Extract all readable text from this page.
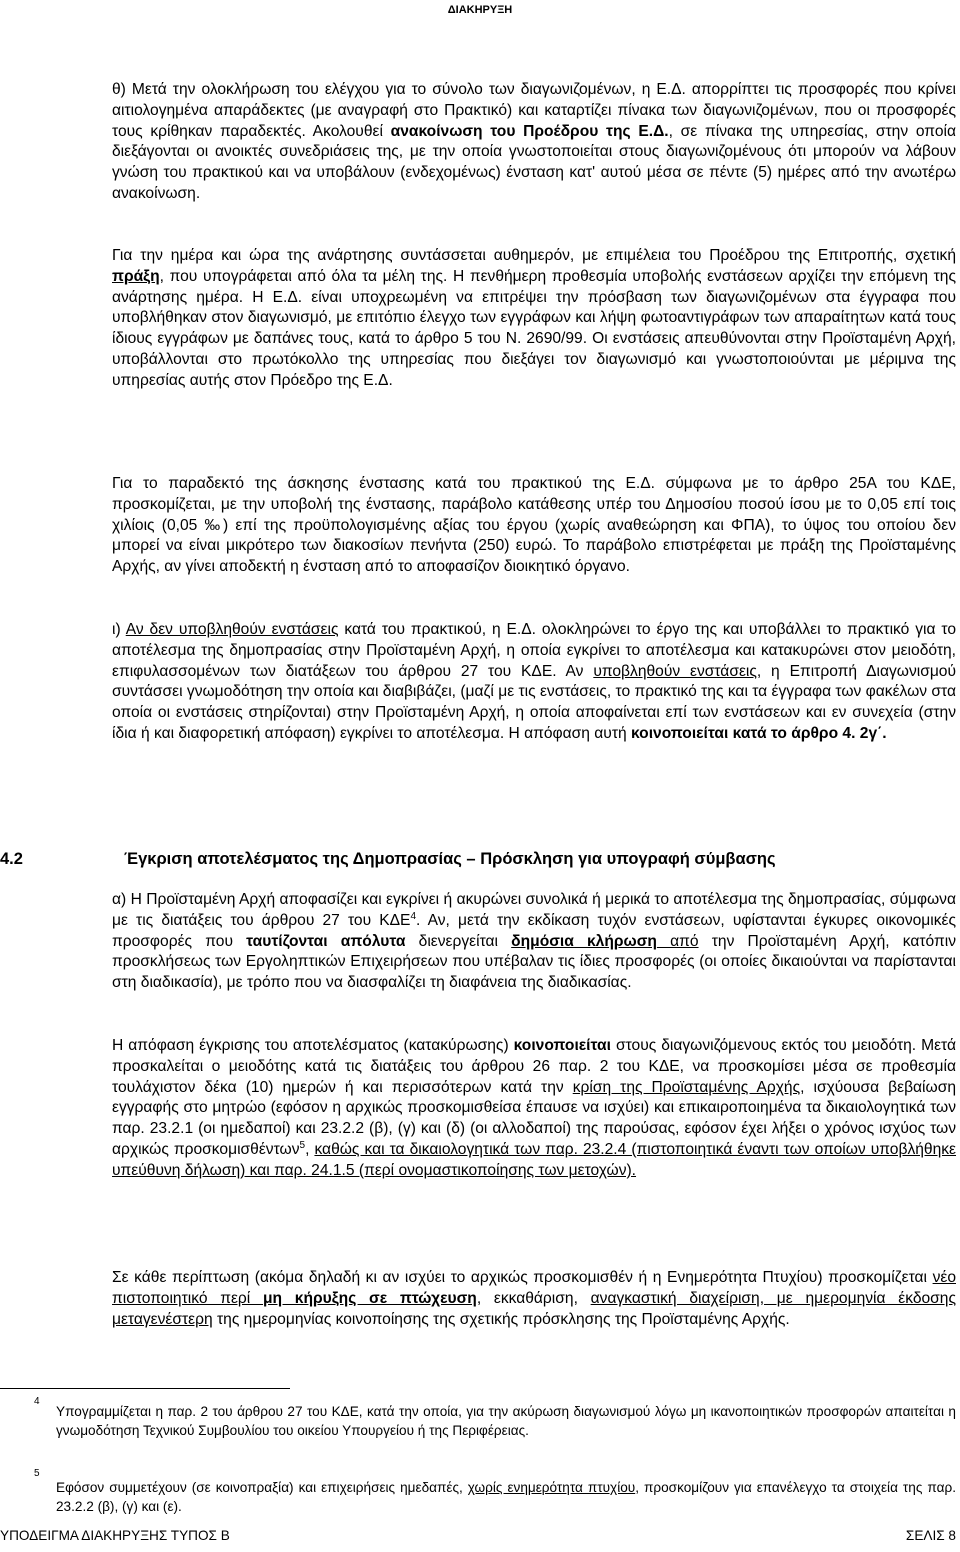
ΔΙΑΚΗΡΥΞΗ

θ) Μετά την ολοκλήρωση του ελέγχου για το σύνολο των διαγωνιζομένων, η Ε.Δ. απορρίπτει τις προσφορές που κρίνει αιτιολογημένα απαράδεκτες (με αναγραφή στο Πρακτικό) και καταρτίζει πίνακα των διαγωνιζομένων, που οι προσφορές τους κρίθηκαν παραδεκτές. Ακολουθεί ανακοίνωση του Προέδρου της Ε.Δ., σε πίνακα της υπηρεσίας, στην οποία διεξάγονται οι ανοικτές συνεδριάσεις της, με την οποία γνωστοποιείται στους διαγωνιζομένους ότι μπορούν να λάβουν γνώση του πρακτικού και να υποβάλουν (ενδεχομένως) ένσταση κατ' αυτού μέσα σε πέντε (5) ημέρες από την ανωτέρω ανακοίνωση.

Για την ημέρα και ώρα της ανάρτησης συντάσσεται αυθημερόν, με επιμέλεια του Προέδρου της Επιτροπής, σχετική πράξη, που υπογράφεται από όλα τα μέλη της. Η πενθήμερη προθεσμία υποβολής ενστάσεων αρχίζει την επόμενη της ανάρτησης ημέρα. Η Ε.Δ. είναι υποχρεωμένη να επιτρέψει την πρόσβαση των διαγωνιζομένων στα έγγραφα που υποβλήθηκαν στον διαγωνισμό, με επιτόπιο έλεγχο των εγγράφων και λήψη φωτοαντιγράφων των απαραίτητων κατά τους ίδιους εγγράφων με δαπάνες τους, κατά το άρθρο 5 του Ν. 2690/99. Οι ενστάσεις απευθύνονται στην Προϊσταμένη Αρχή, υποβάλλονται στο πρωτόκολλο της υπηρεσίας που διεξάγει τον διαγωνισμό και γνωστοποιούνται με μέριμνα της υπηρεσίας αυτής στον Πρόεδρο της Ε.Δ.

Για το παραδεκτό της άσκησης ένστασης κατά του πρακτικού της Ε.Δ. σύμφωνα με το άρθρο 25Α του ΚΔΕ, προσκομίζεται, με την υποβολή της ένστασης, παράβολο κατάθεσης υπέρ του Δημοσίου ποσού ίσου με το 0,05 επί τοις χιλίοις (0,05 ‰) επί της προϋπολογισμένης αξίας του έργου (χωρίς αναθεώρηση και ΦΠΑ), το ύψος του οποίου δεν μπορεί να είναι μικρότερο των διακοσίων πενήντα (250) ευρώ. Το παράβολο επιστρέφεται με πράξη της Προϊσταμένης Αρχής, αν γίνει αποδεκτή η ένσταση από το αποφασίζον διοικητικό όργανο.

ι) Αν δεν υποβληθούν ενστάσεις κατά του πρακτικού, η Ε.Δ. ολοκληρώνει το έργο της και υποβάλλει το πρακτικό για το αποτέλεσμα της δημοπρασίας στην Προϊσταμένη Αρχή, η οποία εγκρίνει το αποτέλεσμα και κατακυρώνει στον μειοδότη, επιφυλασσομένων των διατάξεων του άρθρου 27 του ΚΔΕ. Αν υποβληθούν ενστάσεις, η Επιτροπή Διαγωνισμού συντάσσει γνωμοδότηση την οποία και διαβιβάζει, (μαζί με τις ενστάσεις, το πρακτικό της και τα έγγραφα των φακέλων στα οποία οι ενστάσεις στηρίζονται) στην Προϊσταμένη Αρχή, η οποία αποφαίνεται επί των ενστάσεων και εν συνεχεία (στην ίδια ή και διαφορετική απόφαση) εγκρίνει το αποτέλεσμα. Η απόφαση αυτή κοινοποιείται κατά το άρθρο 4. 2γ΄.

4.2	Έγκριση αποτελέσματος της Δημοπρασίας – Πρόσκληση για υπογραφή σύμβασης

α) Η Προϊσταμένη Αρχή αποφασίζει και εγκρίνει ή ακυρώνει συνολικά ή μερικά το αποτέλεσμα της δημοπρασίας, σύμφωνα με τις διατάξεις του άρθρου 27 του ΚΔΕ$^4$. Αν, μετά την εκδίκαση τυχόν ενστάσεων, υφίστανται έγκυρες οικονομικές προσφορές που ταυτίζονται απόλυτα διενεργείται δημόσια κλήρωση από την Προϊσταμένη Αρχή, κατόπιν προσκλήσεως των Εργοληπτικών Επιχειρήσεων που υπέβαλαν τις ίδιες προσφορές (οι οποίες δικαιούνται να παρίστανται στη διαδικασία), με τρόπο που να διασφαλίζει τη διαφάνεια της διαδικασίας.

Η απόφαση έγκρισης του αποτελέσματος (κατακύρωσης) κοινοποιείται στους διαγωνιζόμενους εκτός του μειοδότη. Μετά προσκαλείται ο μειοδότης κατά τις διατάξεις του άρθρου 26 παρ. 2 του ΚΔΕ, να προσκομίσει μέσα σε προθεσμία τουλάχιστον δέκα (10) ημερών ή και περισσότερων κατά την κρίση της Προϊσταμένης Αρχής, ισχύουσα βεβαίωση εγγραφής στο μητρώο (εφόσον η αρχικώς προσκομισθείσα έπαυσε να ισχύει) και επικαιροποιημένα τα δικαιολογητικά των παρ. 23.2.1 (οι ημεδαποί) και 23.2.2 (β), (γ) και (δ) (οι αλλοδαποί) της παρούσας, εφόσον έχει λήξει ο χρόνος ισχύος των αρχικώς προσκομισθέντων$^5$, καθώς και τα δικαιολογητικά των παρ. 23.2.4 (πιστοποιητικά έναντι των οποίων υποβλήθηκε υπεύθυνη δήλωση) και παρ. 24.1.5 (περί ονομαστικοποίησης των μετοχών).

Σε κάθε περίπτωση (ακόμα δηλαδή κι αν ισχύει το αρχικώς προσκομισθέν ή η Ενημερότητα Πτυχίου) προσκομίζεται νέο πιστοποιητικό περί μη κήρυξης σε πτώχευση, εκκαθάριση, αναγκαστική διαχείριση, με ημερομηνία έκδοσης μεταγενέστερη της ημερομηνίας κοινοποίησης της σχετικής πρόσκλησης της Προϊσταμένης Αρχής.

4

Υπογραμμίζεται η παρ. 2 του άρθρου 27 του ΚΔΕ, κατά την οποία, για την ακύρωση διαγωνισμού λόγω μη ικανοποιητικών προσφορών απαιτείται η γνωμοδότηση Τεχνικού Συμβουλίου του οικείου Υπουργείου ή της Περιφέρειας.

5

Εφόσον συμμετέχουν (σε κοινοπραξία) και επιχειρήσεις ημεδαπές, χωρίς ενημερότητα πτυχίου, προσκομίζουν για επανέλεγχο τα στοιχεία της παρ. 23.2.2 (β), (γ) και (ε).

ΥΠΟΔΕΙΓΜΑ ΔΙΑΚΗΡΥΞΗΣ ΤΥΠΟΣ Β	ΣΕΛΙΣ 8
